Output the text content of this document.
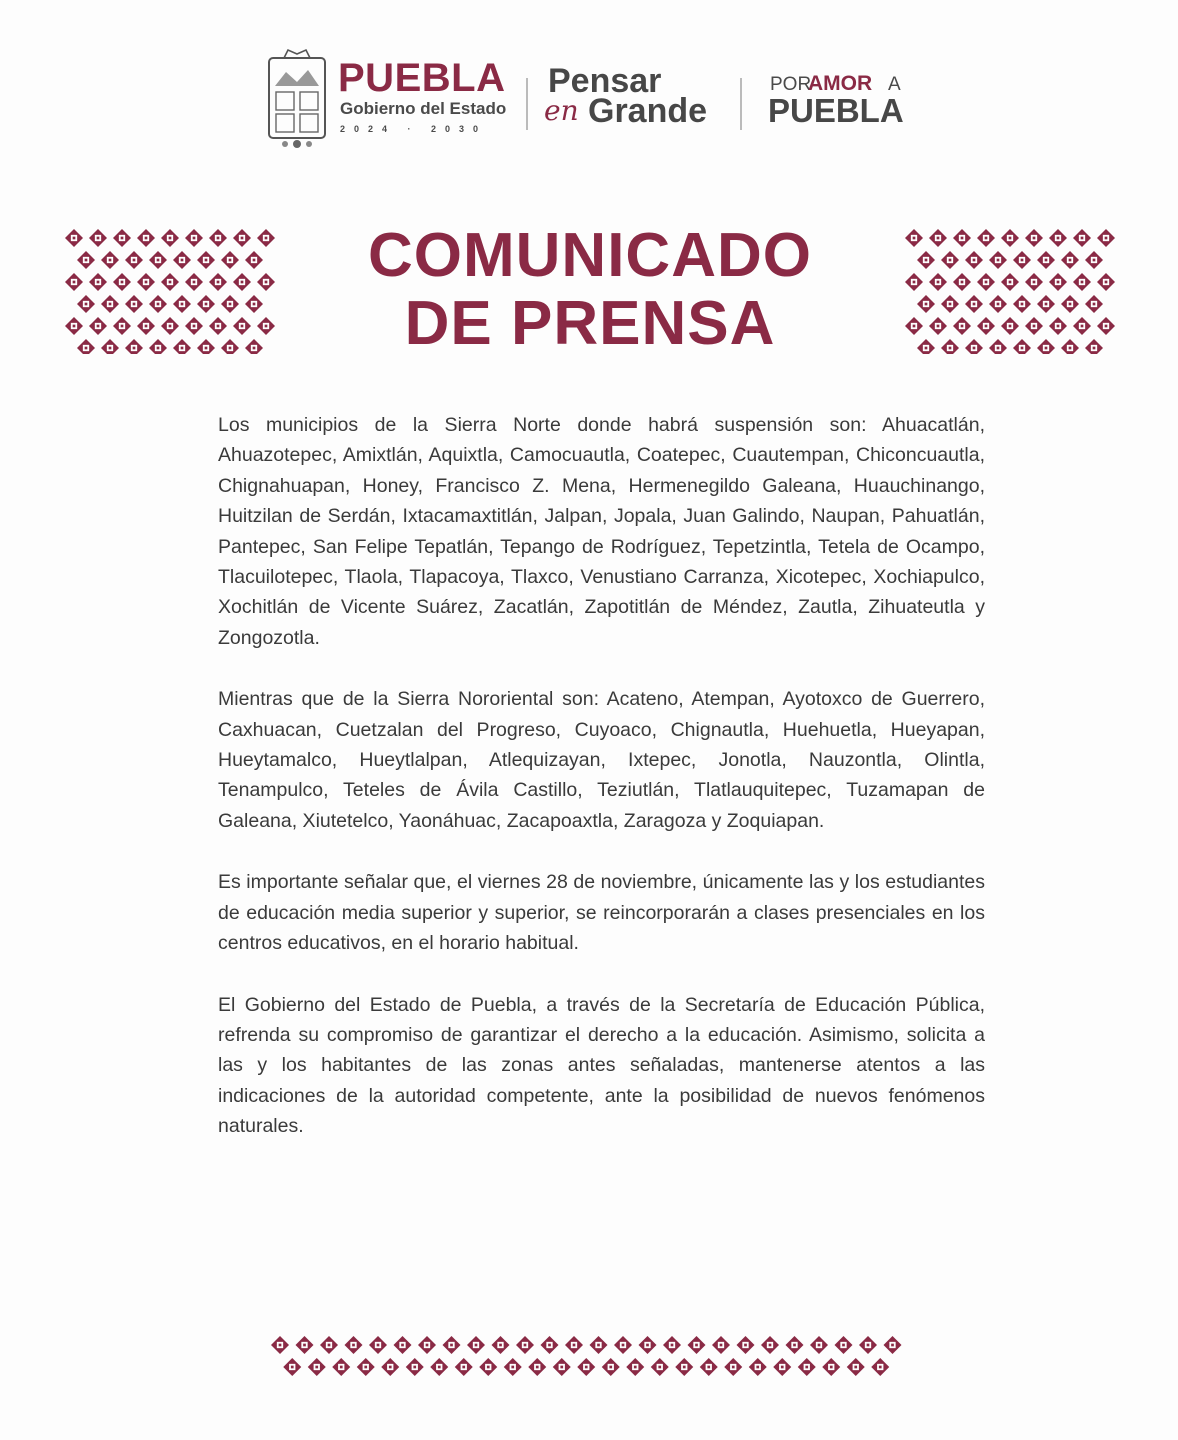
PUEBLA
Gobierno del Estado
2024 · 2030
Pensar
en Grande
POR
AMOR A
PUEBLA
COMUNICADO
DE PRENSA

Los municipios de la Sierra Norte donde habrá suspensión son: Ahuacatlán, Ahuazotepec, Amixtlán, Aquixtla, Camocuautla, Coatepec, Cuautempan, Chiconcuautla, Chignahuapan, Honey, Francisco Z. Mena, Hermenegildo Galeana, Huauchinango, Huitzilan de Serdán, Ixtacamaxtitlán, Jalpan, Jopala, Juan Galindo, Naupan, Pahuatlán, Pantepec, San Felipe Tepatlán, Tepango de Rodríguez, Tepetzintla, Tetela de Ocampo, Tlacuilotepec, Tlaola, Tlapacoya, Tlaxco, Venustiano Carranza, Xicotepec, Xochiapulco, Xochitlán de Vicente Suárez, Zacatlán, Zapotitlán de Méndez, Zautla, Zihuateutla y Zongozotla.

Mientras que de la Sierra Nororiental son: Acateno, Atempan, Ayotoxco de Guerrero, Caxhuacan, Cuetzalan del Progreso, Cuyoaco, Chignautla, Huehuetla, Hueyapan, Hueytamalco, Hueytlalpan, Atlequizayan, Ixtepec, Jonotla, Nauzontla, Olintla, Tenampulco, Teteles de Ávila Castillo, Teziutlán, Tlatlauquitepec, Tuzamapan de Galeana, Xiutetelco, Yaonáhuac, Zacapoaxtla, Zaragoza y Zoquiapan.

Es importante señalar que, el viernes 28 de noviembre, únicamente las y los estudiantes de educación media superior y superior, se reincorporarán a clases presenciales en los centros educativos, en el horario habitual.

El Gobierno del Estado de Puebla, a través de la Secretaría de Educación Pública, refrenda su compromiso de garantizar el derecho a la educación. Asimismo, solicita a las y los habitantes de las zonas antes señaladas, mantenerse atentos a las indicaciones de la autoridad competente, ante la posibilidad de nuevos fenómenos naturales.
